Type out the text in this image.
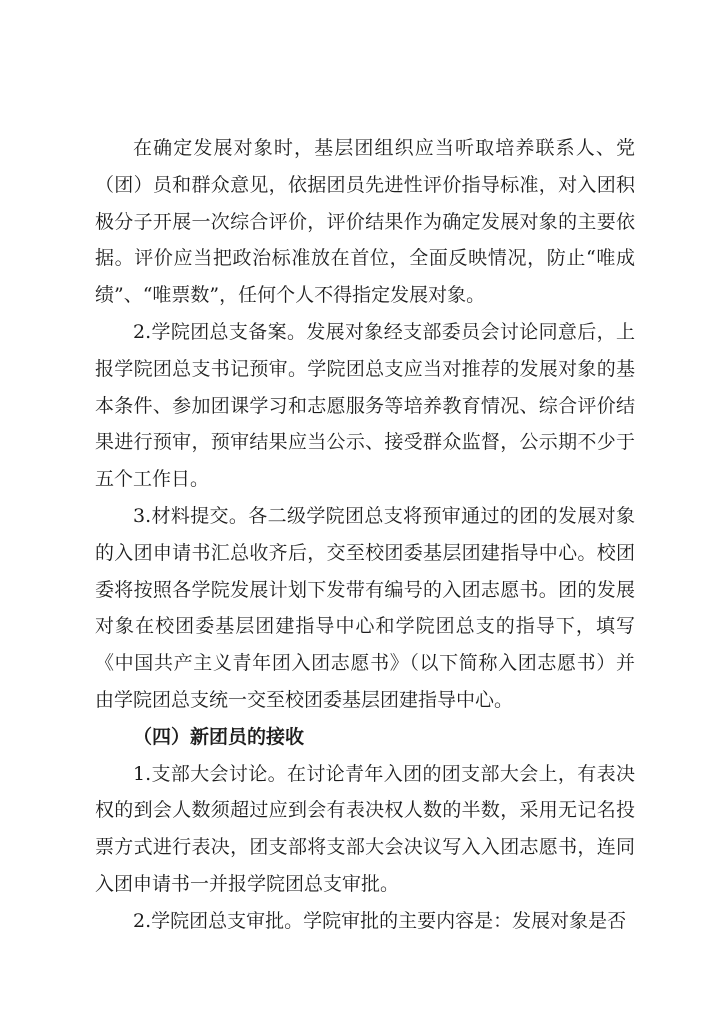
在确定发展对象时，基层团组织应当听取培养联系人、党（团）员和群众意见，依据团员先进性评价指导标准，对入团积极分子开展一次综合评价，评价结果作为确定发展对象的主要依据。评价应当把政治标准放在首位，全面反映情况，防止“唯成绩”、“唯票数”，任何个人不得指定发展对象。

2.学院团总支备案。发展对象经支部委员会讨论同意后，上报学院团总支书记预审。学院团总支应当对推荐的发展对象的基本条件、参加团课学习和志愿服务等培养教育情况、综合评价结果进行预审，预审结果应当公示、接受群众监督，公示期不少于五个工作日。

3.材料提交。各二级学院团总支将预审通过的团的发展对象的入团申请书汇总收齐后，交至校团委基层团建指导中心。校团委将按照各学院发展计划下发带有编号的入团志愿书。团的发展对象在校团委基层团建指导中心和学院团总支的指导下，填写《中国共产主义青年团入团志愿书》（以下简称入团志愿书）并由学院团总支统一交至校团委基层团建指导中心。

（四）新团员的接收

1.支部大会讨论。在讨论青年入团的团支部大会上，有表决权的到会人数须超过应到会有表决权人数的半数，采用无记名投票方式进行表决，团支部将支部大会决议写入入团志愿书，连同入团申请书一并报学院团总支审批。

2.学院团总支审批。学院审批的主要内容是：发展对象是否
